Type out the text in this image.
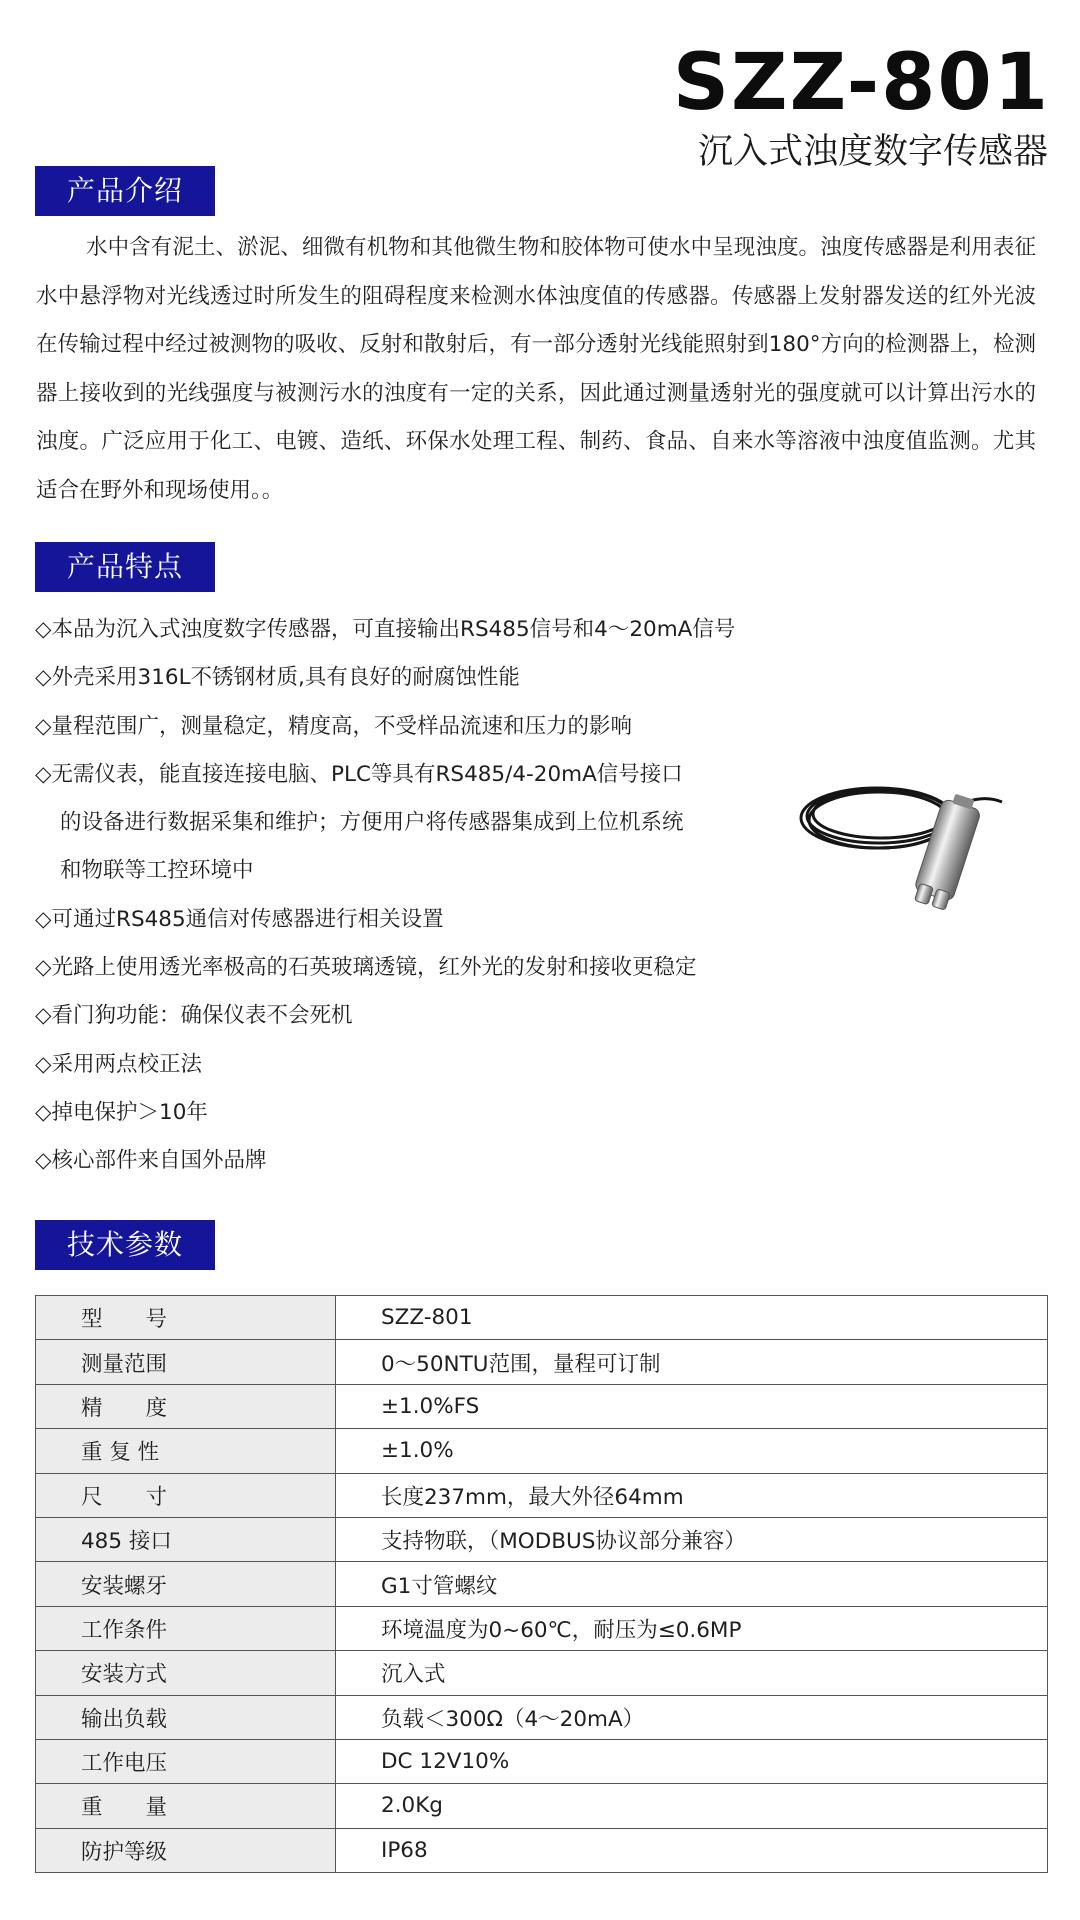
SZZ-801
沉入式浊度数字传感器
产品介绍
水中含有泥土、淤泥、细微有机物和其他微生物和胶体物可使水中呈现浊度。浊度传感器是利用表征水中悬浮物对光线透过时所发生的阻碍程度来检测水体浊度值的传感器。传感器上发射器发送的红外光波在传输过程中经过被测物的吸收、反射和散射后，有一部分透射光线能照射到180°方向的检测器上，检测器上接收到的光线强度与被测污水的浊度有一定的关系，因此通过测量透射光的强度就可以计算出污水的浊度。广泛应用于化工、电镀、造纸、环保水处理工程、制药、食品、自来水等溶液中浊度值监测。尤其适合在野外和现场使用。。
产品特点
◇本品为沉入式浊度数字传感器，可直接输出RS485信号和4～20mA信号
◇外壳采用316L不锈钢材质,具有良好的耐腐蚀性能
◇量程范围广，测量稳定，精度高，不受样品流速和压力的影响
◇无需仪表，能直接连接电脑、PLC等具有RS485/4-20mA信号接口
的设备进行数据采集和维护；方便用户将传感器集成到上位机系统
和物联等工控环境中
◇可通过RS485通信对传感器进行相关设置
◇光路上使用透光率极高的石英玻璃透镜，红外光的发射和接收更稳定
◇看门狗功能：确保仪表不会死机
◇采用两点校正法
◇掉电保护＞10年
◇核心部件来自国外品牌
技术参数
型　　号	SZZ-801
测量范围	0～50NTU范围，量程可订制
精　　度	±1.0%FS
重 复 性	±1.0%
尺　　寸	长度237mm，最大外径64mm
485 接口	支持物联，（MODBUS协议部分兼容）
安装螺牙	G1寸管螺纹
工作条件	环境温度为0~60℃，耐压为≤0.6MP
安装方式	沉入式
输出负载	负载＜300Ω（4～20mA）
工作电压	DC 12V10%
重　　量	2.0Kg
防护等级	IP68
